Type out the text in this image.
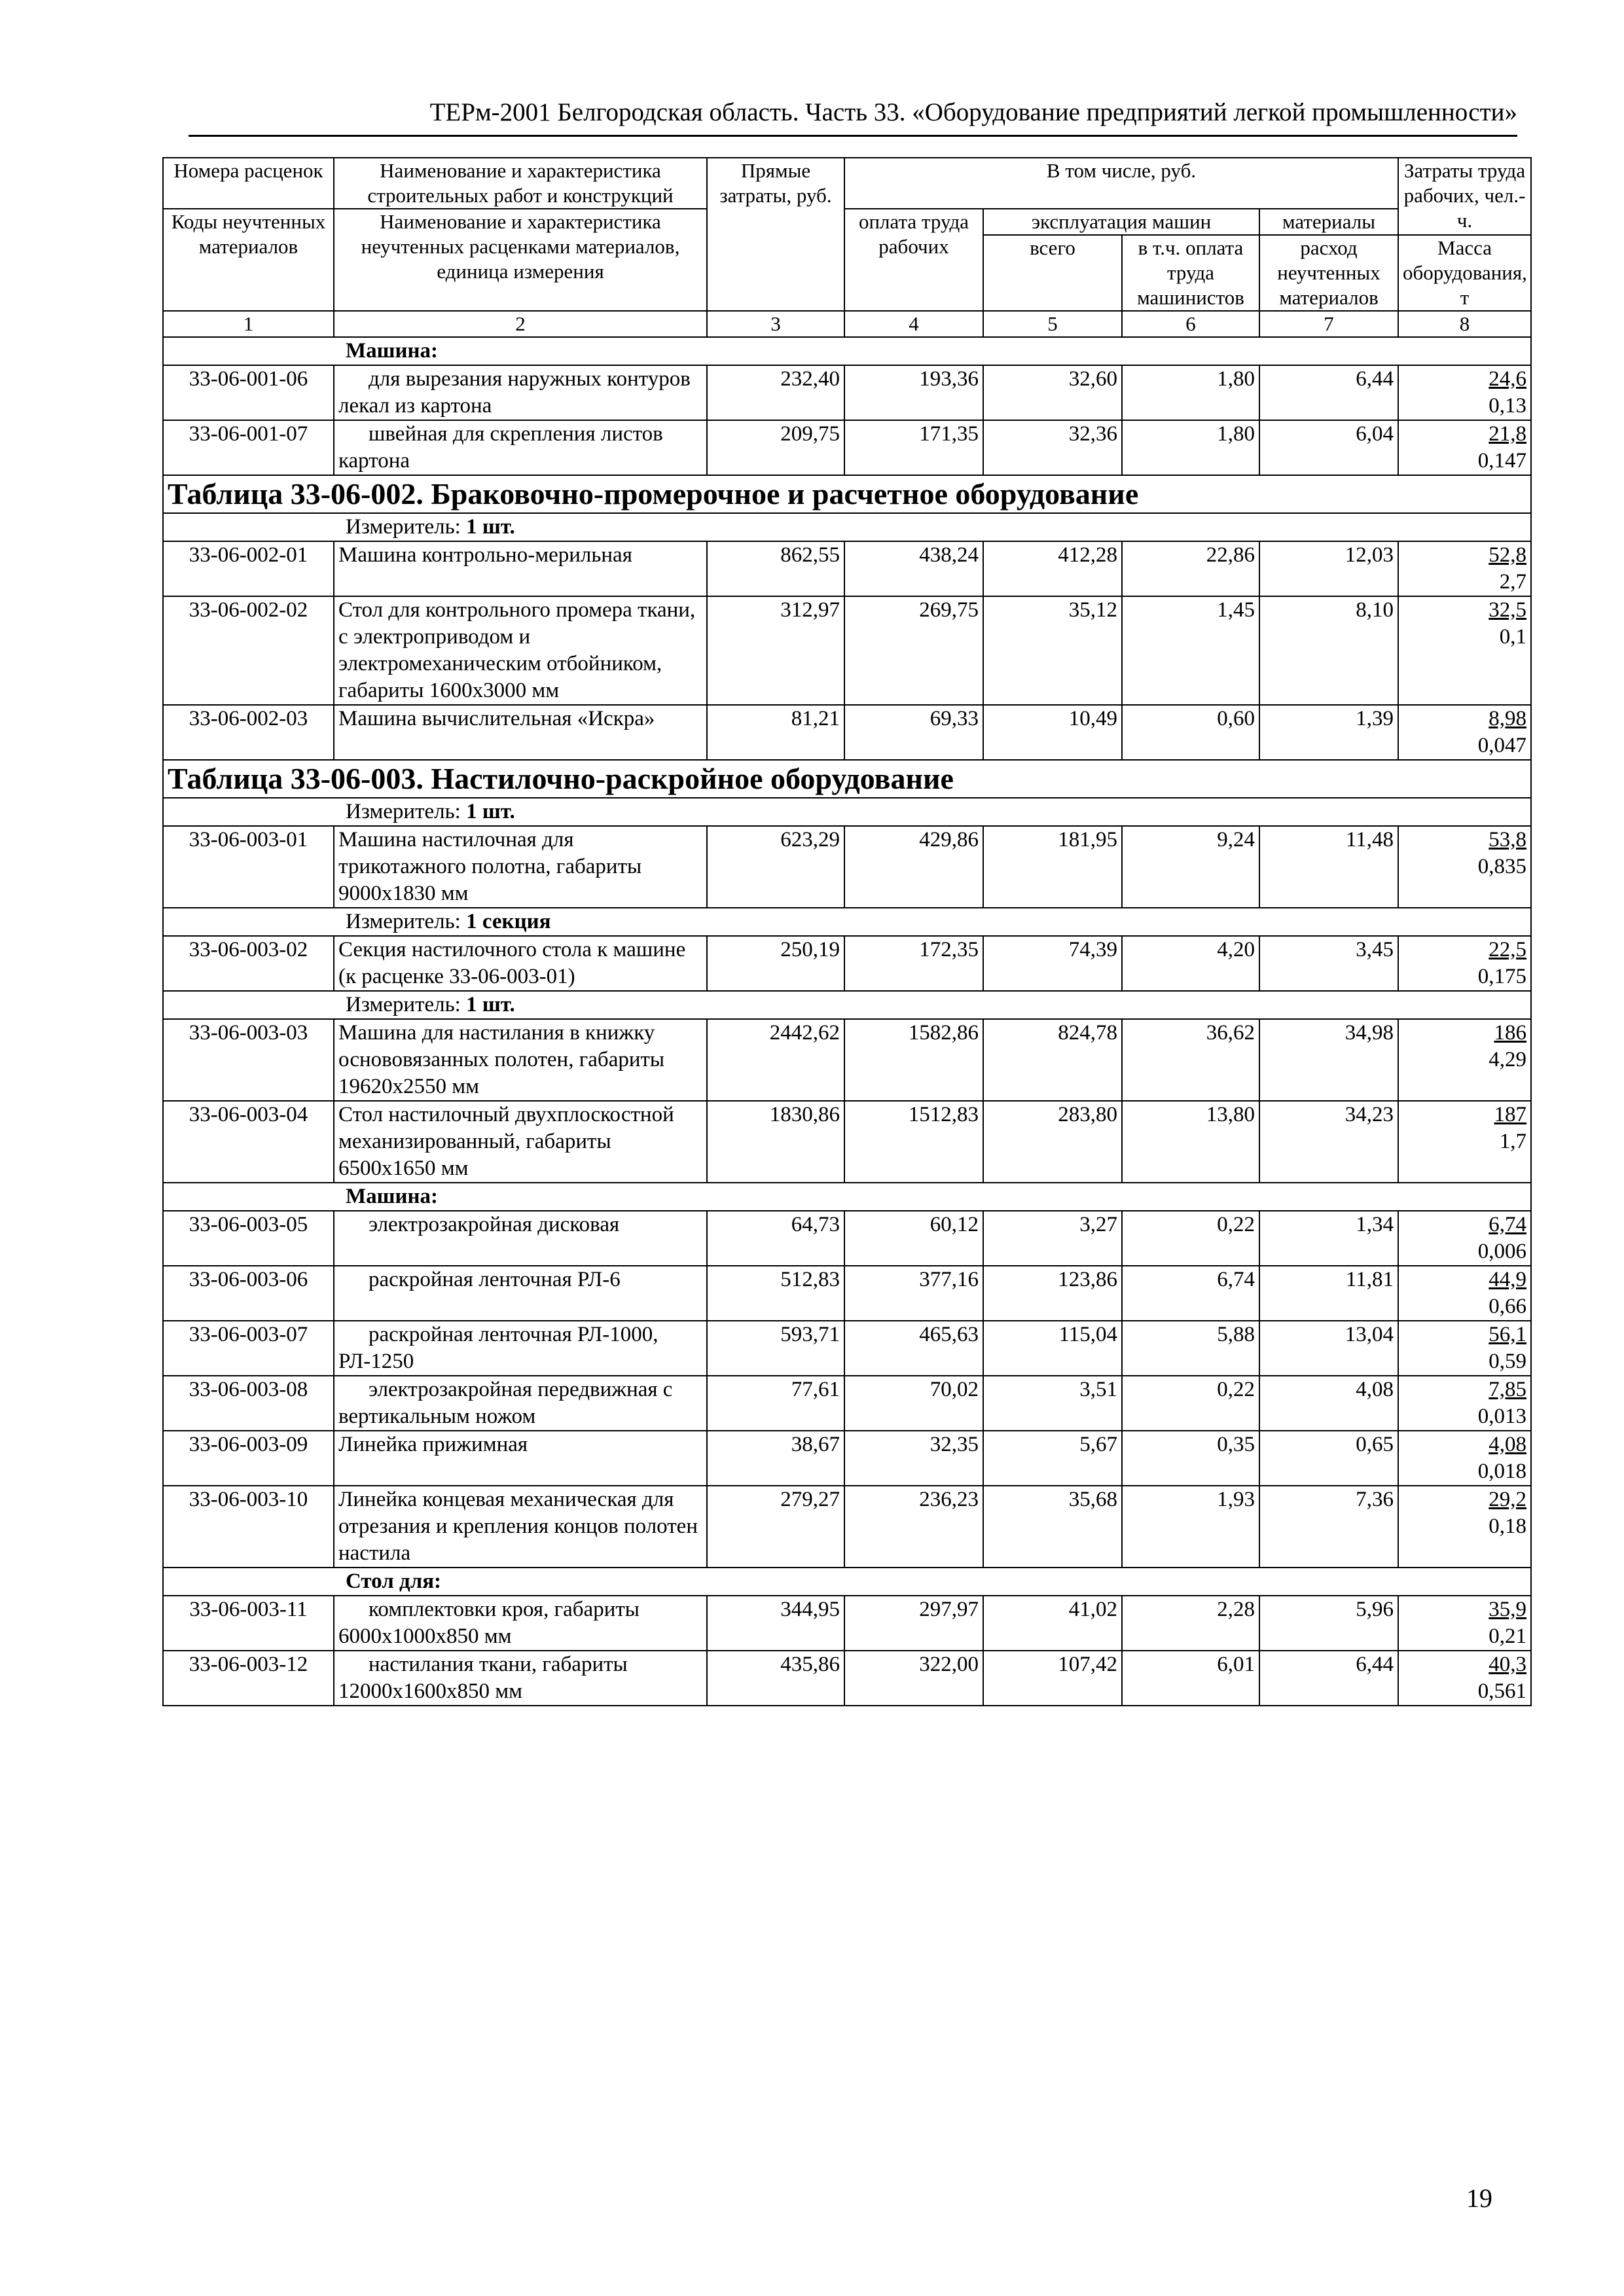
ТЕРм-2001 Белгородская область. Часть 33. «Оборудование предприятий легкой промышленности»
Номера расценок	Наименование и характеристика строительных работ и конструкций	Прямые затраты, руб.	В том числе, руб.				Затраты труда рабочих, чел.-ч.
Коды неучтенных материалов	Наименование и характеристика неучтенных расценками материалов, единица измерения		оплата труда рабочих	эксплуатация машин		материалы	
				всего	в т.ч. оплата труда машинистов	расход неучтенных материалов	Масса оборудования, т
1	2	3	4	5	6	7	8
Машина:							
33-06-001-06	для вырезания наружных контуров лекал из картона	232,40	193,36	32,60	1,80	6,44	24,6
0,13
33-06-001-07	швейная для скрепления листов картона	209,75	171,35	32,36	1,80	6,04	21,8
0,147
Таблица 33-06-002. Браковочно-промерочное и расчетное оборудование							
Измеритель: 1 шт.							
33-06-002-01	Машина контрольно-мерильная	862,55	438,24	412,28	22,86	12,03	52,8
2,7
33-06-002-02	Стол для контрольного промера ткани, с электроприводом и электромеханическим отбойником, габариты 1600х3000 мм	312,97	269,75	35,12	1,45	8,10	32,5
0,1
33-06-002-03	Машина вычислительная «Искра»	81,21	69,33	10,49	0,60	1,39	8,98
0,047
Таблица 33-06-003. Настилочно-раскройное оборудование							
Измеритель: 1 шт.							
33-06-003-01	Машина настилочная для трикотажного полотна, габариты 9000х1830 мм	623,29	429,86	181,95	9,24	11,48	53,8
0,835
Измеритель: 1 секция							
33-06-003-02	Секция настилочного стола к машине (к расценке 33-06-003-01)	250,19	172,35	74,39	4,20	3,45	22,5
0,175
Измеритель: 1 шт.							
33-06-003-03	Машина для настилания в книжку основовязанных полотен, габариты 19620х2550 мм	2442,62	1582,86	824,78	36,62	34,98	186
4,29
33-06-003-04	Стол настилочный двухплоскостной механизированный, габариты 6500х1650 мм	1830,86	1512,83	283,80	13,80	34,23	187
1,7
Машина:							
33-06-003-05	электрозакройная дисковая	64,73	60,12	3,27	0,22	1,34	6,74
0,006
33-06-003-06	раскройная ленточная РЛ-6	512,83	377,16	123,86	6,74	11,81	44,9
0,66
33-06-003-07	раскройная ленточная РЛ-1000, РЛ-1250	593,71	465,63	115,04	5,88	13,04	56,1
0,59
33-06-003-08	электрозакройная передвижная с вертикальным ножом	77,61	70,02	3,51	0,22	4,08	7,85
0,013
33-06-003-09	Линейка прижимная	38,67	32,35	5,67	0,35	0,65	4,08
0,018
33-06-003-10	Линейка концевая механическая для отрезания и крепления концов полотен настила	279,27	236,23	35,68	1,93	7,36	29,2
0,18
Стол для:							
33-06-003-11	комплектовки кроя, габариты 6000х1000х850 мм	344,95	297,97	41,02	2,28	5,96	35,9
0,21
33-06-003-12	настилания ткани, габариты 12000х1600х850 мм	435,86	322,00	107,42	6,01	6,44	40,3
0,561
19
